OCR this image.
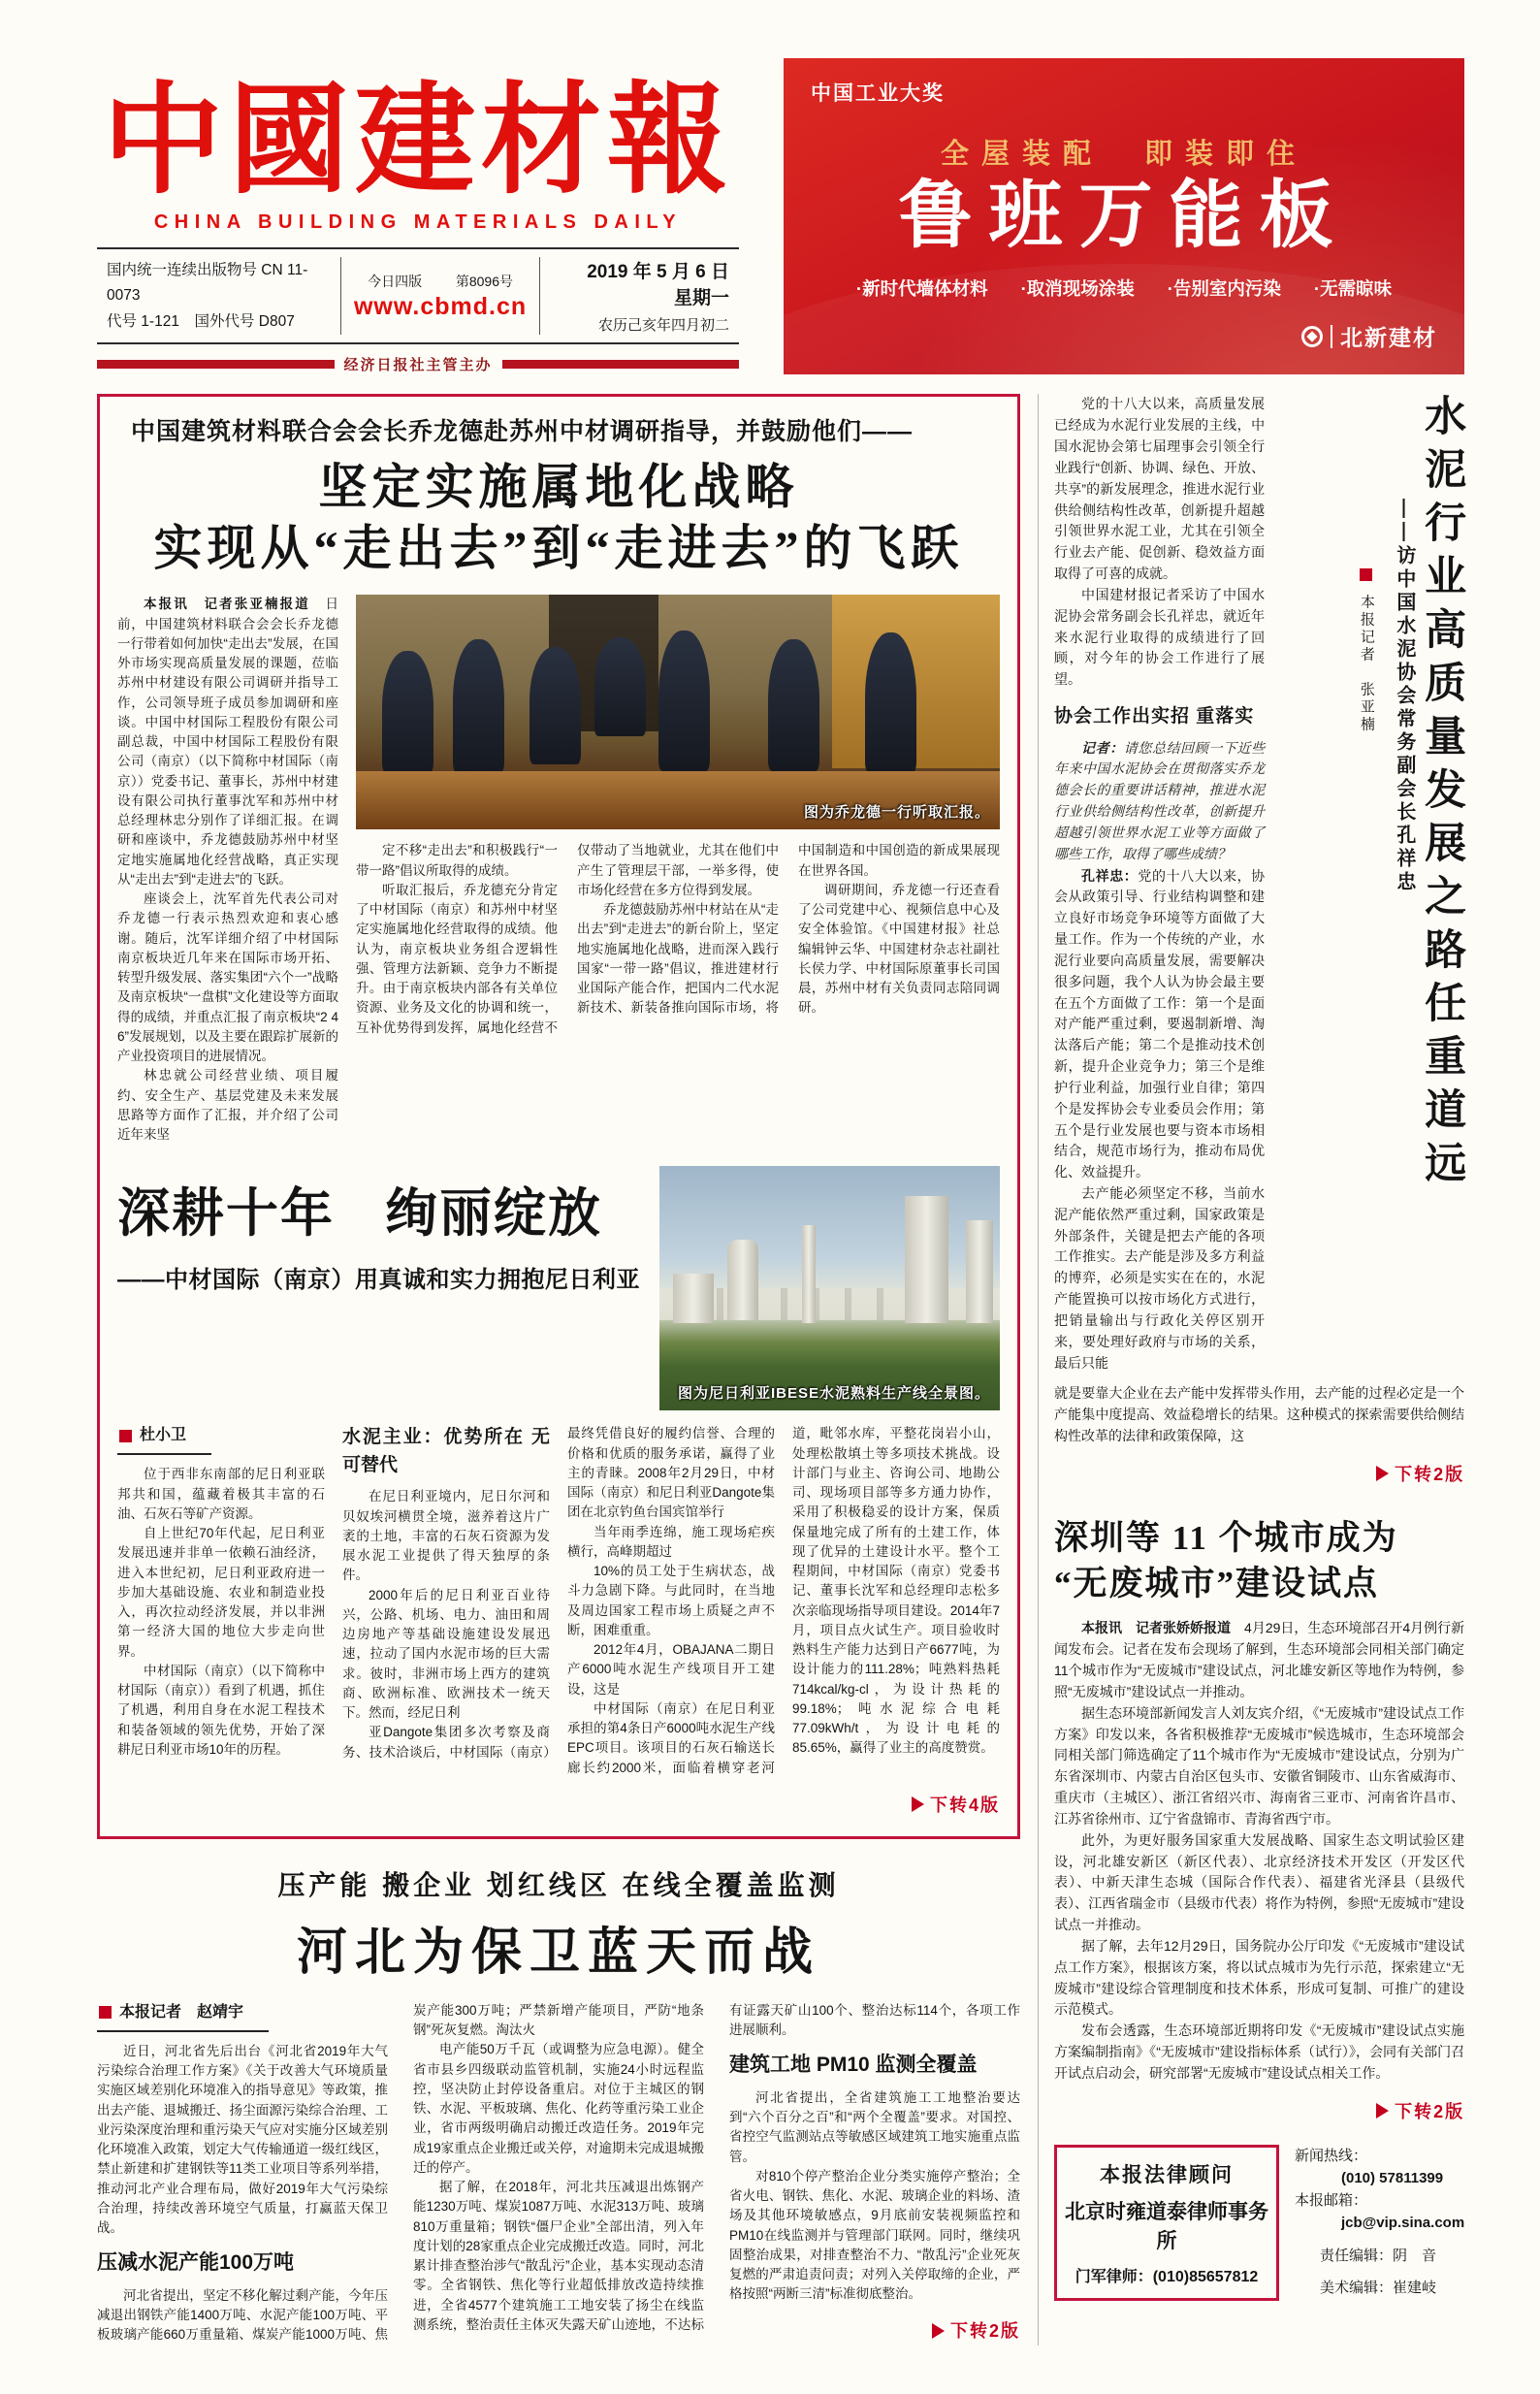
中國建材報
CHINA BUILDING MATERIALS DAILY
国内统一连续出版物号 CN 11-0073
代号 1-121　国外代号 D807
今日四版 第8096号
www.cbmd.cn
2019 年 5 月 6 日　星期一
农历己亥年四月初二
经济日报社主管主办
中国工业大奖
全屋装配　即装即住
鲁班万能板
·新时代墙体材料 ·取消现场涂装 ·告别室内污染 ·无需晾味
北新建材
中国建筑材料联合会会长乔龙德赴苏州中材调研指导，并鼓励他们——
坚定实施属地化战略
实现从“走出去”到“走进去”的飞跃

本报讯　记者张亚楠报道　日前，中国建筑材料联合会会长乔龙德一行带着如何加快“走出去”发展，在国外市场实现高质量发展的课题，莅临苏州中材建设有限公司调研并指导工作，公司领导班子成员参加调研和座谈。中国中材国际工程股份有限公司副总裁，中国中材国际工程股份有限公司（南京）（以下简称中材国际（南京））党委书记、董事长，苏州中材建设有限公司执行董事沈军和苏州中材总经理林忠分别作了详细汇报。在调研和座谈中，乔龙德鼓励苏州中材坚定地实施属地化经营战略，真正实现从“走出去”到“走进去”的飞跃。

座谈会上，沈军首先代表公司对乔龙德一行表示热烈欢迎和衷心感谢。随后，沈军详细介绍了中材国际南京板块近几年来在国际市场开拓、转型升级发展、落实集团“六个一”战略及南京板块“一盘棋”文化建设等方面取得的成绩，并重点汇报了南京板块“2 4 6”发展规划，以及主要在跟踪扩展新的产业投资项目的进展情况。

林忠就公司经营业绩、项目履约、安全生产、基层党建及未来发展思路等方面作了汇报，并介绍了公司近年来坚

图为乔龙德一行听取汇报。

定不移“走出去”和积极践行“一带一路”倡议所取得的成绩。

听取汇报后，乔龙德充分肯定了中材国际（南京）和苏州中材坚定实施属地化经营取得的成绩。他认为，南京板块业务组合逻辑性强、管理方法新颖、竞争力不断提升。由于南京板块内部各有关单位资源、业务及文化的协调和统一，互补优势得到发挥，属地化经营不仅带动了当地就业，尤其在他们中产生了管理层干部，一举多得，使市场化经营在多方位得到发展。

乔龙德鼓励苏州中材站在从“走出去”到“走进去”的新台阶上，坚定地实施属地化战略，进而深入践行国家“一带一路”倡议，推进建材行业国际产能合作，把国内二代水泥新技术、新装备推向国际市场，将中国制造和中国创造的新成果展现在世界各国。

调研期间，乔龙德一行还查看了公司党建中心、视频信息中心及安全体验馆。《中国建材报》社总编辑钟云华、中国建材杂志社副社长侯力学、中材国际原董事长司国晨，苏州中材有关负责同志陪同调研。

深耕十年 绚丽绽放
——中材国际（南京）用真诚和实力拥抱尼日利亚
图为尼日利亚IBESE水泥熟料生产线全景图。
杜小卫

位于西非东南部的尼日利亚联邦共和国，蕴藏着极其丰富的石油、石灰石等矿产资源。

自上世纪70年代起，尼日利亚发展迅速并非单一依赖石油经济，进入本世纪初，尼日利亚政府进一步加大基础设施、农业和制造业投入，再次拉动经济发展，并以非洲第一经济大国的地位大步走向世界。

中材国际（南京）（以下简称中材国际（南京））看到了机遇，抓住了机遇，利用自身在水泥工程技术和装备领域的领先优势，开始了深耕尼日利亚市场10年的历程。

水泥主业：优势所在 无可替代

在尼日利亚境内，尼日尔河和贝奴埃河横贯全境，滋养着这片广袤的土地，丰富的石灰石资源为发展水泥工业提供了得天独厚的条件。

2000年后的尼日利亚百业待兴，公路、机场、电力、油田和周边房地产等基础设施建设发展迅速，拉动了国内水泥市场的巨大需求。彼时，非洲市场上西方的建筑商、欧洲标准、欧洲技术一统天下。然而，经尼日利

亚Dangote集团多次考察及商务、技术洽谈后，中材国际（南京）最终凭借良好的履约信誉、合理的价格和优质的服务承诺，赢得了业主的青睐。2008年2月29日，中材国际（南京）和尼日利亚Dangote集团在北京钓鱼台国宾馆举行

当年雨季连绵，施工现场疟疾横行，高峰期超过

10%的员工处于生病状态，战斗力急剧下降。与此同时，在当地及周边国家工程市场上质疑之声不断，困难重重。

2012年4月，OBAJANA二期日产6000吨水泥生产线项目开工建设，这是

中材国际（南京）在尼日利亚承担的第4条日产6000吨水泥生产线EPC项目。该项目的石灰石输送长廊长约2000米，面临着横穿老河道，毗邻水库，平整花岗岩小山，处理松散填土等多项技术挑战。设计部门与业主、咨询公司、地勘公司、现场项目部等多方通力协作，采用了积极稳妥的设计方案，保质保量地完成了所有的土建工作，体现了优异的土建设计水平。整个工程期间，中材国际（南京）党委书记、董事长沈军和总经理印志松多次亲临现场指导项目建设。2014年7月，项目点火试生产。项目验收时熟料生产能力达到日产6677吨，为设计能力的111.28%；吨熟料热耗714kcal/kg-cl，为设计热耗的99.18%；吨水泥综合电耗77.09kWh/t，为设计电耗的85.65%，赢得了业主的高度赞赏。

下转4版
压产能 搬企业 划红线区 在线全覆盖监测
河北为保卫蓝天而战
本报记者　赵靖宇

近日，河北省先后出台《河北省2019年大气污染综合治理工作方案》《关于改善大气环境质量实施区域差别化环境准入的指导意见》等政策，推出去产能、退城搬迁、扬尘面源污染综合治理、工业污染深度治理和重污染天气应对实施分区域差别化环境准入政策，划定大气传输通道一级红线区，禁止新建和扩建钢铁等11类工业项目等系列举措，推动河北产业合理布局，做好2019年大气污染综合治理，持续改善环境空气质量，打赢蓝天保卫战。

压减水泥产能100万吨

河北省提出，坚定不移化解过剩产能，今年压减退出钢铁产能1400万吨、水泥产能100万吨、平板玻璃产能660万重量箱、煤炭产能1000万吨、焦炭产能300万吨；严禁新增产能项目，严防“地条钢”死灰复燃。淘汰火

电产能50万千瓦（或调整为应急电源）。健全省市县乡四级联动监管机制，实施24小时远程监控，坚决防止封停设备重启。对位于主城区的钢铁、水泥、平板玻璃、焦化、化药等重污染工业企业，省市两级明确启动搬迁改造任务。2019年完成19家重点企业搬迁或关停，对逾期未完成退城搬迁的停产。

据了解，在2018年，河北共压减退出炼钢产能1230万吨、煤炭1087万吨、水泥313万吨、玻璃810万重量箱；钢铁“僵尸企业”全部出清，列入年度计划的28家重点企业完成搬迁改造。同时，河北累计排查整治涉气“散乱污”企业，基本实现动态清零。全省钢铁、焦化等行业超低排放改造持续推进，全省4577个建筑施工工地安装了扬尘在线监测系统，整治责任主体灭失露天矿山迹地，不达标有证露天矿山100个、整治达标114个，各项工作进展顺利。

建筑工地 PM10 监测全覆盖

河北省提出，全省建筑施工工地整治要达到“六个百分之百”和“两个全覆盖”要求。对国控、省控空气监测站点等敏感区域建筑工地实施重点监管。

对810个停产整治企业分类实施停产整治；全省火电、钢铁、焦化、水泥、玻璃企业的料场、渣场及其他环境敏感点，9月底前安装视频监控和PM10在线监测并与管理部门联网。同时，继续巩固整治成果，对排查整治不力、“散乱污”企业死灰复燃的严肃追责问责；对列入关停取缔的企业，严格按照“两断三清”标准彻底整治。

下转2版

党的十八大以来，高质量发展已经成为水泥行业发展的主线，中国水泥协会第七届理事会引领全行业践行“创新、协调、绿色、开放、共享”的新发展理念，推进水泥行业供给侧结构性改革，创新提升超越引领世界水泥工业，尤其在引领全行业去产能、促创新、稳效益方面取得了可喜的成就。

中国建材报记者采访了中国水泥协会常务副会长孔祥忠，就近年来水泥行业取得的成绩进行了回顾，对今年的协会工作进行了展望。

协会工作出实招 重落实

记者：请您总结回顾一下近些年来中国水泥协会在贯彻落实乔龙德会长的重要讲话精神，推进水泥行业供给侧结构性改革，创新提升超越引领世界水泥工业等方面做了哪些工作，取得了哪些成绩？

孔祥忠：党的十八大以来，协会从政策引导、行业结构调整和建立良好市场竞争环境等方面做了大量工作。作为一个传统的产业，水泥行业要向高质量发展，需要解决很多问题，我个人认为协会最主要在五个方面做了工作：第一个是面对产能严重过剩，要遏制新增、淘汰落后产能；第二个是推动技术创新，提升企业竞争力；第三个是维护行业利益，加强行业自律；第四个是发挥协会专业委员会作用；第五个是行业发展也要与资本市场相结合，规范市场行为，推动布局优化、效益提升。

去产能必须坚定不移，当前水泥产能依然严重过剩，国家政策是外部条件，关键是把去产能的各项工作推实。去产能是涉及多方利益的博弈，必须是实实在在的，水泥产能置换可以按市场化方式进行，把销量输出与行政化关停区别开来，要处理好政府与市场的关系，最后只能

水泥行业高质量发展之路任重道远
——访中国水泥协会常务副会长孔祥忠
本报记者　张亚楠

就是要靠大企业在去产能中发挥带头作用，去产能的过程必定是一个产能集中度提高、效益稳增长的结果。这种模式的探索需要供给侧结构性改革的法律和政策保障，这

下转2版
深圳等 11 个城市成为
“无废城市”建设试点

本报讯　记者张娇娇报道　4月29日，生态环境部召开4月例行新闻发布会。记者在发布会现场了解到，生态环境部会同相关部门确定11个城市作为“无废城市”建设试点，河北雄安新区等地作为特例，参照“无废城市”建设试点一并推动。

据生态环境部新闻发言人刘友宾介绍，《“无废城市”建设试点工作方案》印发以来，各省积极推荐“无废城市”候选城市，生态环境部会同相关部门筛选确定了11个城市作为“无废城市”建设试点，分别为广东省深圳市、内蒙古自治区包头市、安徽省铜陵市、山东省威海市、重庆市（主城区）、浙江省绍兴市、海南省三亚市、河南省许昌市、江苏省徐州市、辽宁省盘锦市、青海省西宁市。

此外，为更好服务国家重大发展战略、国家生态文明试验区建设，河北雄安新区（新区代表）、北京经济技术开发区（开发区代表）、中新天津生态城（国际合作代表）、福建省光泽县（县级代表）、江西省瑞金市（县级市代表）将作为特例，参照“无废城市”建设试点一并推动。

据了解，去年12月29日，国务院办公厅印发《“无废城市”建设试点工作方案》，根据该方案，将以试点城市为先行示范，探索建立“无废城市”建设综合管理制度和技术体系，形成可复制、可推广的建设示范模式。

发布会透露，生态环境部近期将印发《“无废城市”建设试点实施方案编制指南》《“无废城市”建设指标体系（试行）》，会同有关部门召开试点启动会，研究部署“无废城市”建设试点相关工作。

下转2版
本报法律顾问
北京时雍道泰律师事务所
门军律师：(010)85657812
新闻热线：
(010) 57811399
本报邮箱：
jcb@vip.sina.com
责任编辑：阴　音
美术编辑：崔建岐
